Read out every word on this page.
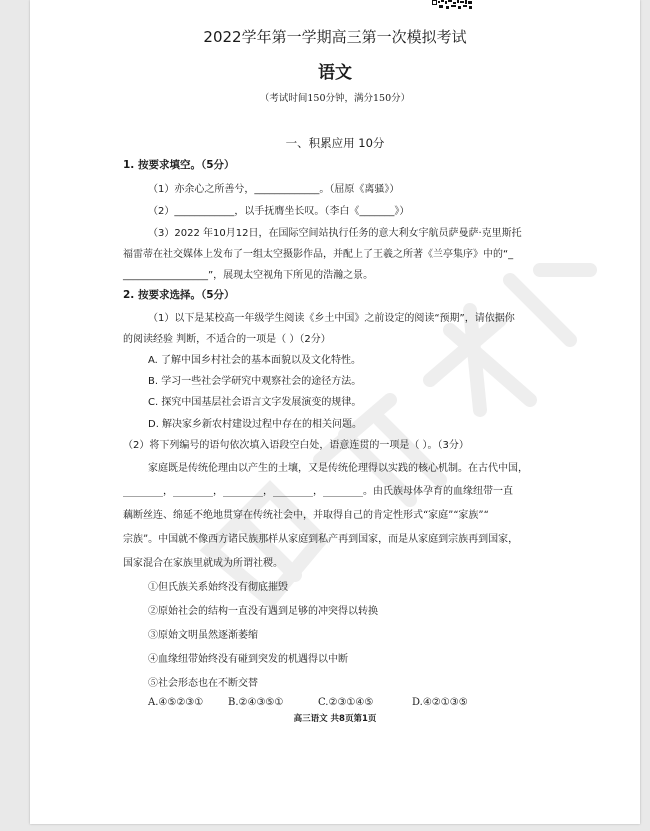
2022学年第一学期高三第一次模拟考试
语文
（考试时间150分钟，满分150分）
一、积累应用 10分
1. 按要求填空。（5分）
（1）亦余心之所善兮，_____________。（屈原《离骚》）
（2）____________，以手抚膺坐长叹。（李白《_______》）
（3）2022 年10月12日，在国际空间站执行任务的意大利女宇航员萨曼萨·克里斯托
福雷蒂在社交媒体上发布了一组太空摄影作品，并配上了王羲之所著《兰亭集序》中的“_
_________________”，展现太空视角下所见的浩瀚之景。
2. 按要求选择。（5分）
（1）以下是某校高一年级学生阅读《乡土中国》之前设定的阅读“预期”，请依据你
的阅读经验 判断，不适合的一项是（ ）（2分）
A. 了解中国乡村社会的基本面貌以及文化特性。
B. 学习一些社会学研究中观察社会的途径方法。
C. 探究中国基层社会语言文字发展演变的规律。
D. 解决家乡新农村建设过程中存在的相关问题。
（2）将下列编号的语句依次填入语段空白处，语意连贯的一项是（ ）。（3分）
家庭既是传统伦理由以产生的土壤，又是传统伦理得以实践的核心机制。在古代中国，
________，________，________，________，________。由氏族母体孕育的血缘纽带一直
藕断丝连、绵延不绝地贯穿在传统社会中，并取得自己的肯定性形式“家庭”“家族”“
宗族”。中国就不像西方诸民族那样从家庭到私产再到国家，而是从家庭到宗族再到国家，
国家混合在家族里就成为所谓社稷。
①但氏族关系始终没有彻底摧毁
②原始社会的结构一直没有遇到足够的冲突得以转换
③原始文明虽然逐渐萎缩
④血缘纽带始终没有碰到突发的机遇得以中断
⑤社会形态也在不断交替
A.④⑤②③① B.②④③⑤①	C.②③①④⑤	D.④②①③⑤
高三语文 共8页第1页
